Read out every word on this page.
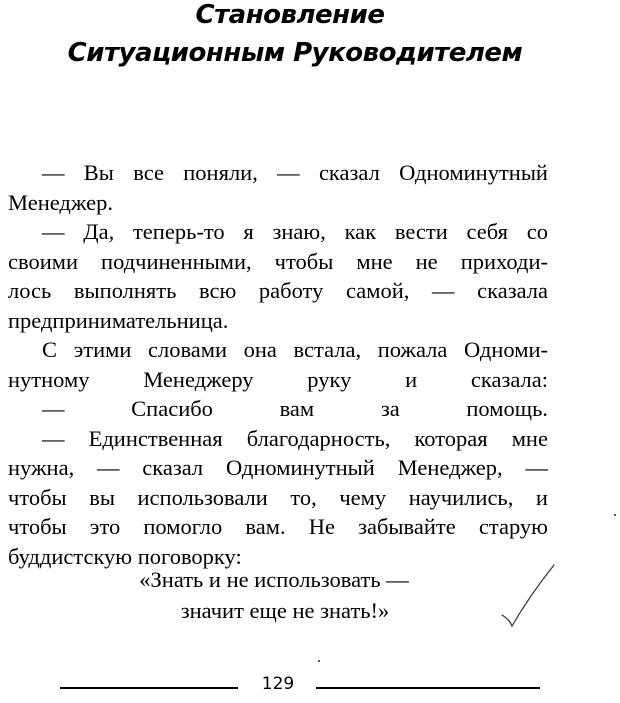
Становление
Ситуационным Руководителем
— Вы все поняли, — сказал Одноминутный
Менеджер.
— Да, теперь-то я знаю, как вести себя со
своими подчиненными, чтобы мне не приходи-
лось выполнять всю работу самой, — сказала
предпринимательница.
С этими словами она встала, пожала Одноми-
нутному Менеджеру руку и сказала:
—	Спасибо	вам	за	помощь.
— Единственная благодарность, которая мне
нужна, — сказал Одноминутный Менеджер, —
чтобы вы использовали то, чему научились, и
чтобы это помогло вам. Не забывайте старую
буддистскую поговорку:
«Знать и не использовать —
значит еще не знать!»
129
